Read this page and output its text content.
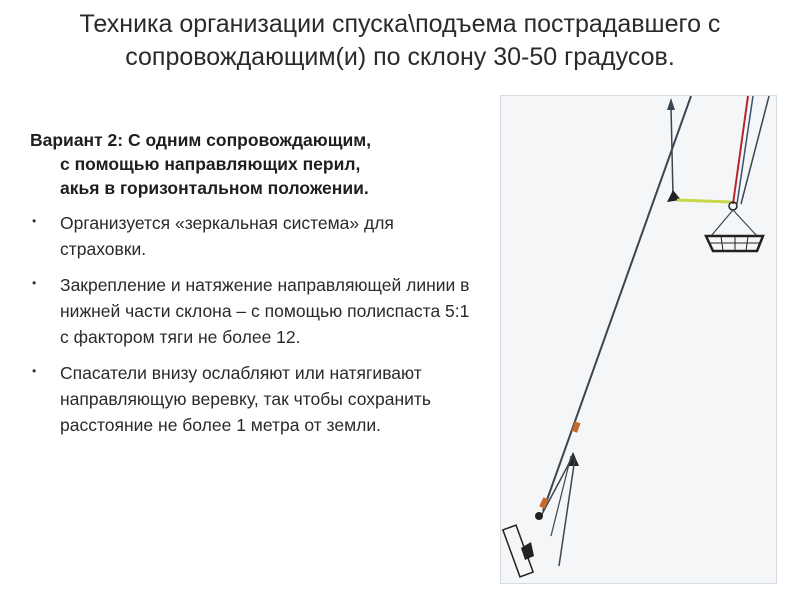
Техника организации спуска\подъема пострадавшего с
сопровождающим(и) по склону 30-50 градусов.
Вариант 2: С одним сопровождающим,
с помощью направляющих перил,
акья в горизонтальном положении.
• Организуется «зеркальная система» для страховки.
• Закрепление и натяжение направляющей линии в нижней части склона – с помощью полиспаста 5:1 с фактором тяги не более 12.
• Спасатели внизу ослабляют или натягивают направляющую веревку, так чтобы сохранить расстояние не более 1 метра от земли.
